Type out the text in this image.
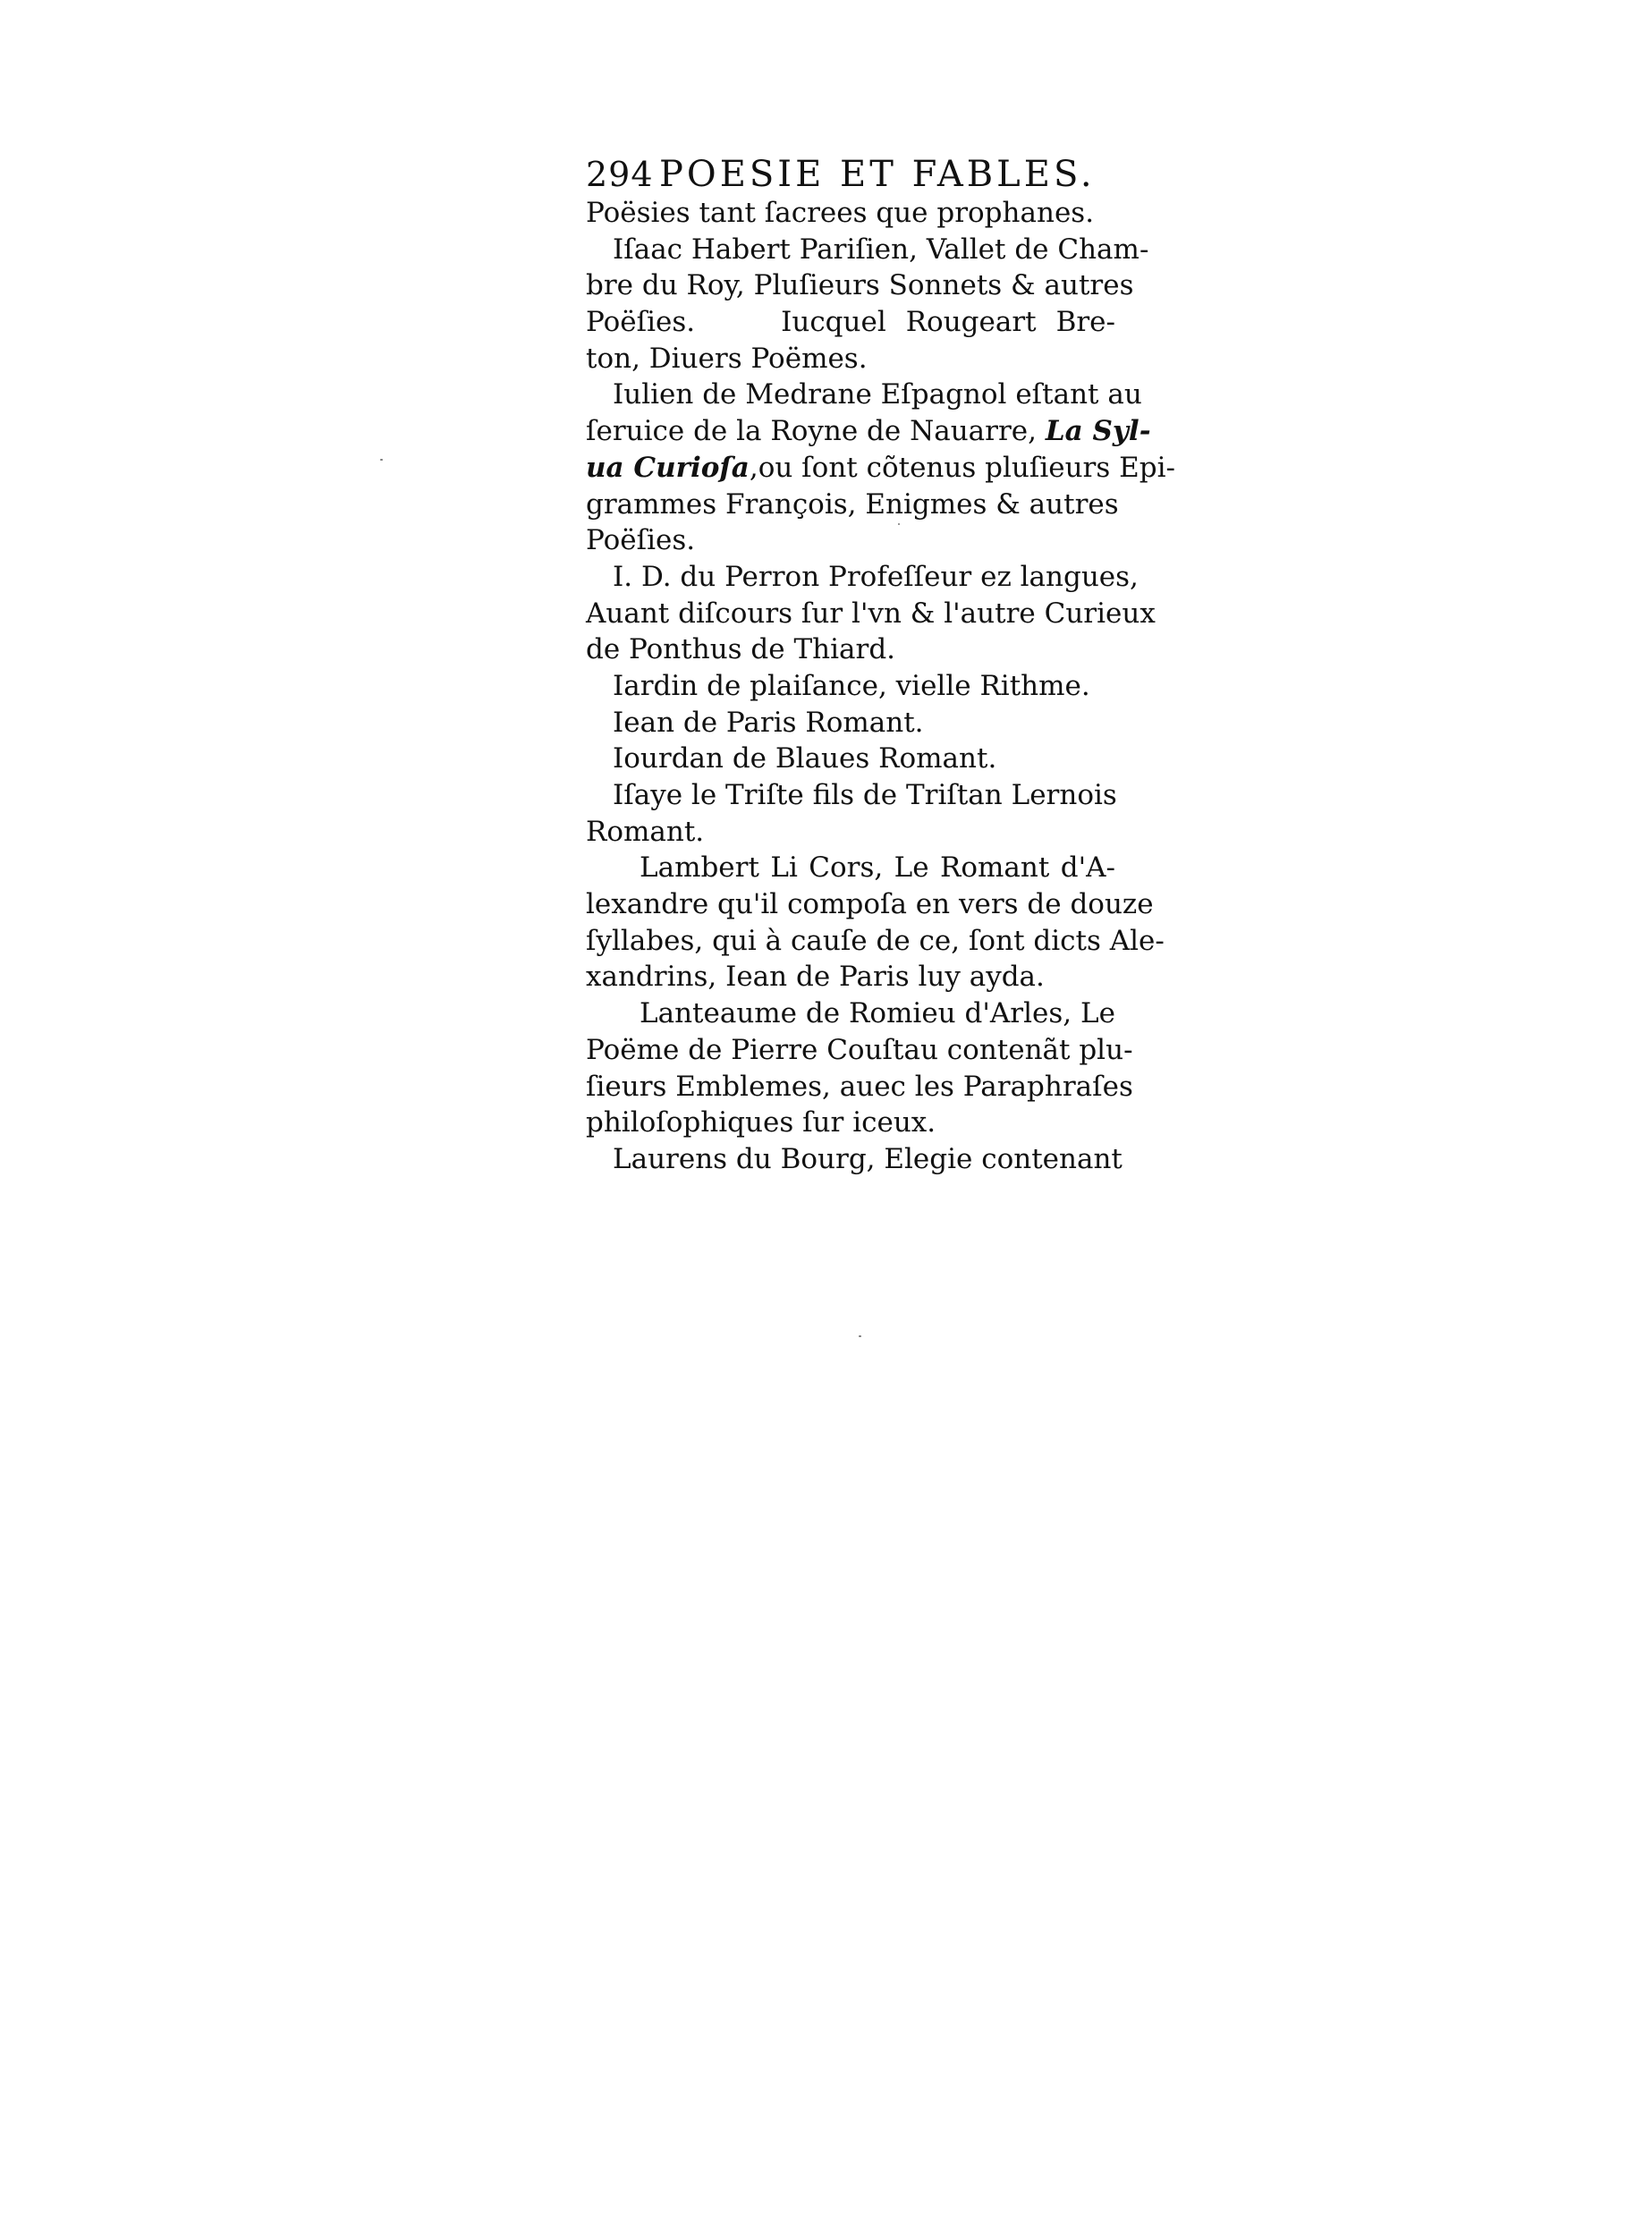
294 POESIE ET FABLES.
Poësies tant ſacrees que prophanes.
Iſaac Habert Pariſien, Vallet de Cham-
bre du Roy, Pluſieurs Sonnets & autres
Poëſies.	Iucquel Rougeart Bre-
ton, Diuers Poëmes.
Iulien de Medrane Eſpagnol eſtant au
ſeruice de la Royne de Nauarre, La Syl-
ua Curioſa,ou ſont cõtenus pluſieurs Epi-
grammes François, Enigmes & autres
Poëſies.
I. D. du Perron Profeſſeur ez langues,
Auant diſcours ſur l'vn & l'autre Curieux
de Ponthus de Thiard.
Iardin de plaiſance, vielle Rithme.
Iean de Paris Romant.
Iourdan de Blaues Romant.
Iſaye le Triſte fils de Triſtan Lernois
Romant.
Lambert Li Cors, Le Romant d'A-
lexandre qu'il compoſa en vers de douze
ſyllabes, qui à cauſe de ce, ſont dicts Ale-
xandrins, Iean de Paris luy ayda.
Lanteaume de Romieu d'Arles, Le
Poëme de Pierre Couſtau contenãt plu-
ſieurs Emblemes, auec les Paraphraſes
philoſophiques ſur iceux.
Laurens du Bourg, Elegie contenant
